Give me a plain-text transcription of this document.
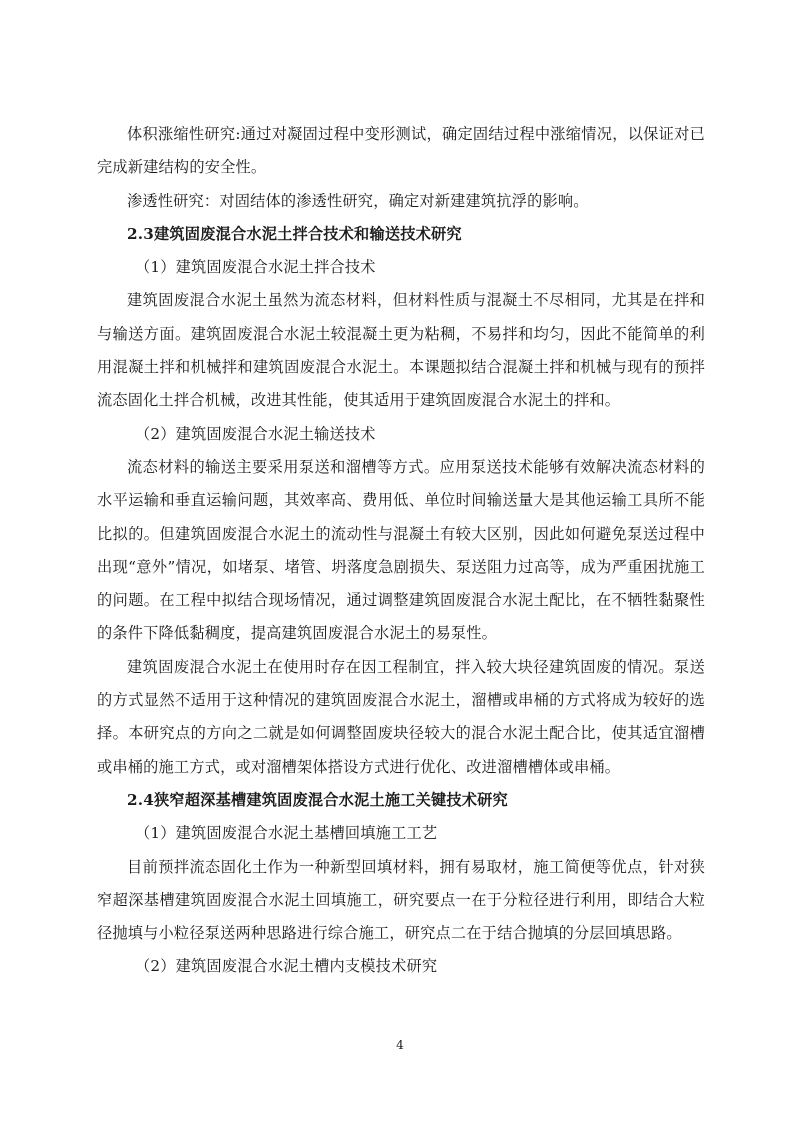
体积涨缩性研究:通过对凝固过程中变形测试，确定固结过程中涨缩情况，以保证对已完成新建结构的安全性。

渗透性研究：对固结体的渗透性研究，确定对新建建筑抗浮的影响。

2.3建筑固废混合水泥土拌合技术和输送技术研究

（1）建筑固废混合水泥土拌合技术

建筑固废混合水泥土虽然为流态材料，但材料性质与混凝土不尽相同，尤其是在拌和与输送方面。建筑固废混合水泥土较混凝土更为粘稠，不易拌和均匀，因此不能简单的利用混凝土拌和机械拌和建筑固废混合水泥土。本课题拟结合混凝土拌和机械与现有的预拌流态固化土拌合机械，改进其性能，使其适用于建筑固废混合水泥土的拌和。

（2）建筑固废混合水泥土输送技术

流态材料的输送主要采用泵送和溜槽等方式。应用泵送技术能够有效解决流态材料的水平运输和垂直运输问题，其效率高、费用低、单位时间输送量大是其他运输工具所不能比拟的。但建筑固废混合水泥土的流动性与混凝土有较大区别，因此如何避免泵送过程中出现“意外”情况，如堵泵、堵管、坍落度急剧损失、泵送阻力过高等，成为严重困扰施工的问题。在工程中拟结合现场情况，通过调整建筑固废混合水泥土配比，在不牺牲黏聚性的条件下降低黏稠度，提高建筑固废混合水泥土的易泵性。

建筑固废混合水泥土在使用时存在因工程制宜，拌入较大块径建筑固废的情况。泵送的方式显然不适用于这种情况的建筑固废混合水泥土，溜槽或串桶的方式将成为较好的选择。本研究点的方向之二就是如何调整固废块径较大的混合水泥土配合比，使其适宜溜槽或串桶的施工方式，或对溜槽架体搭设方式进行优化、改进溜槽槽体或串桶。

2.4狭窄超深基槽建筑固废混合水泥土施工关键技术研究

（1）建筑固废混合水泥土基槽回填施工工艺

目前预拌流态固化土作为一种新型回填材料，拥有易取材，施工简便等优点，针对狭窄超深基槽建筑固废混合水泥土回填施工，研究要点一在于分粒径进行利用，即结合大粒径抛填与小粒径泵送两种思路进行综合施工，研究点二在于结合抛填的分层回填思路。

（2）建筑固废混合水泥土槽内支模技术研究

4
